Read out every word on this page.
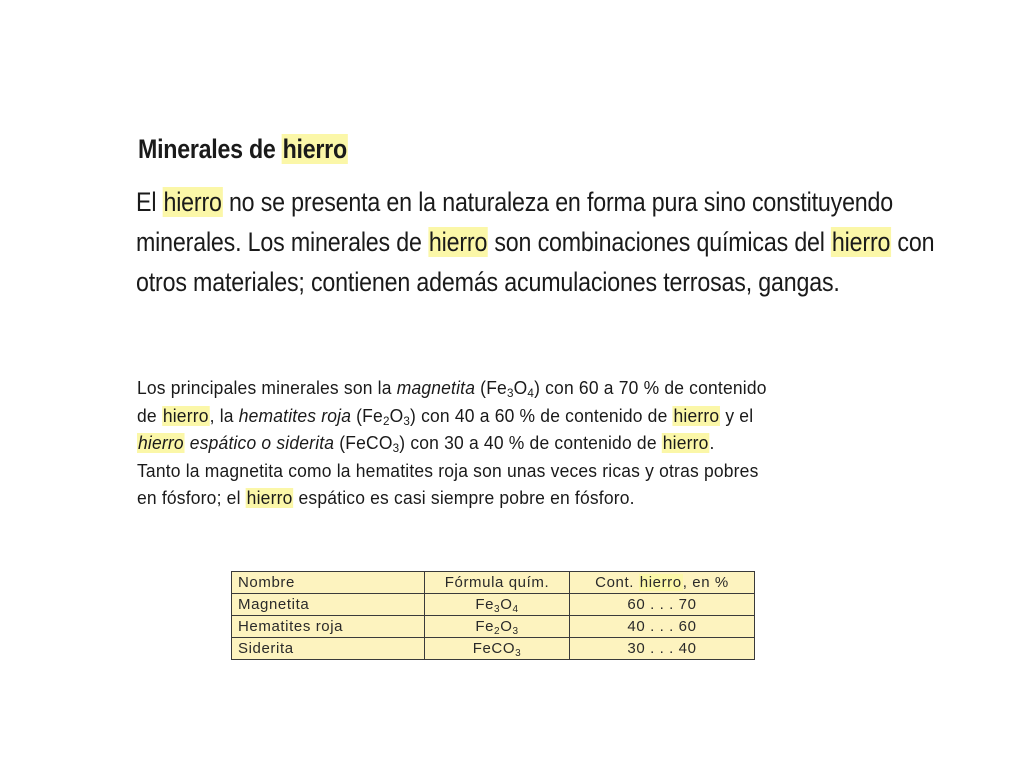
Minerales de hierro

El hierro no se presenta en la naturaleza en forma pura sino constituyendo
minerales. Los minerales de hierro son combinaciones químicas del hierro con
otros materiales; contienen además acumulaciones terrosas, gangas.

Los principales minerales son la magnetita $(Fe_3O_4)$ con 60 a 70 % de contenido
de hierro, la hematites roja $(Fe_2O_3)$ con 40 a 60 % de contenido de hierro y el
hierro espático o siderita (FeCO$_3$) con 30 a 40 % de contenido de hierro.
Tanto la magnetita como la hematites roja son unas veces ricas y otras pobres
en fósforo; el hierro espático es casi siempre pobre en fósforo.

Nombre	Fórmula quím.	Cont. hierro, en %
Magnetita	$Fe_3O_4$	60 . . . 70
Hematites roja	$Fe_2O_3$	40 . . . 60
Siderita	FeCO$_3$	30 . . . 40
